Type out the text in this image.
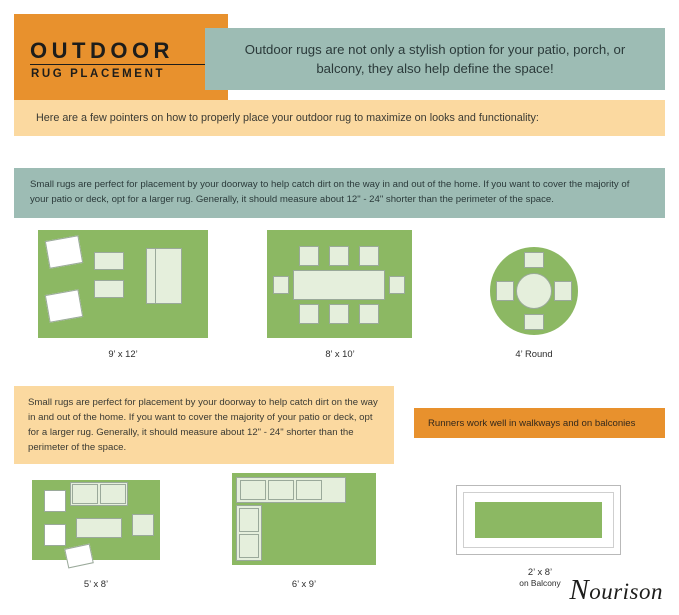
OUTDOOR
RUG PLACEMENT

Outdoor rugs are not only a stylish option for your patio, porch, or balcony, they also help define the space!

Here are a few pointers on how to properly place your outdoor rug to maximize on looks and functionality:

Small rugs are perfect for placement by your doorway to help catch dirt on the way in and out of the home. If you want to cover the majority of your patio or deck, opt for a larger rug. Generally, it should measure about 12" - 24" shorter than the perimeter of the space.

9’ x 12’	8’ x 10’	4’ Round

Small rugs are perfect for placement by your doorway to help catch dirt on the way in and out of the home. If you want to cover the majority of your patio or deck, opt for a larger rug. Generally, it should measure about 12" - 24" shorter than the perimeter of the space.

Runners work well in walkways and on balconies

5’ x 8’	6’ x 9’
2’ x 8’
on Balcony Nourison
